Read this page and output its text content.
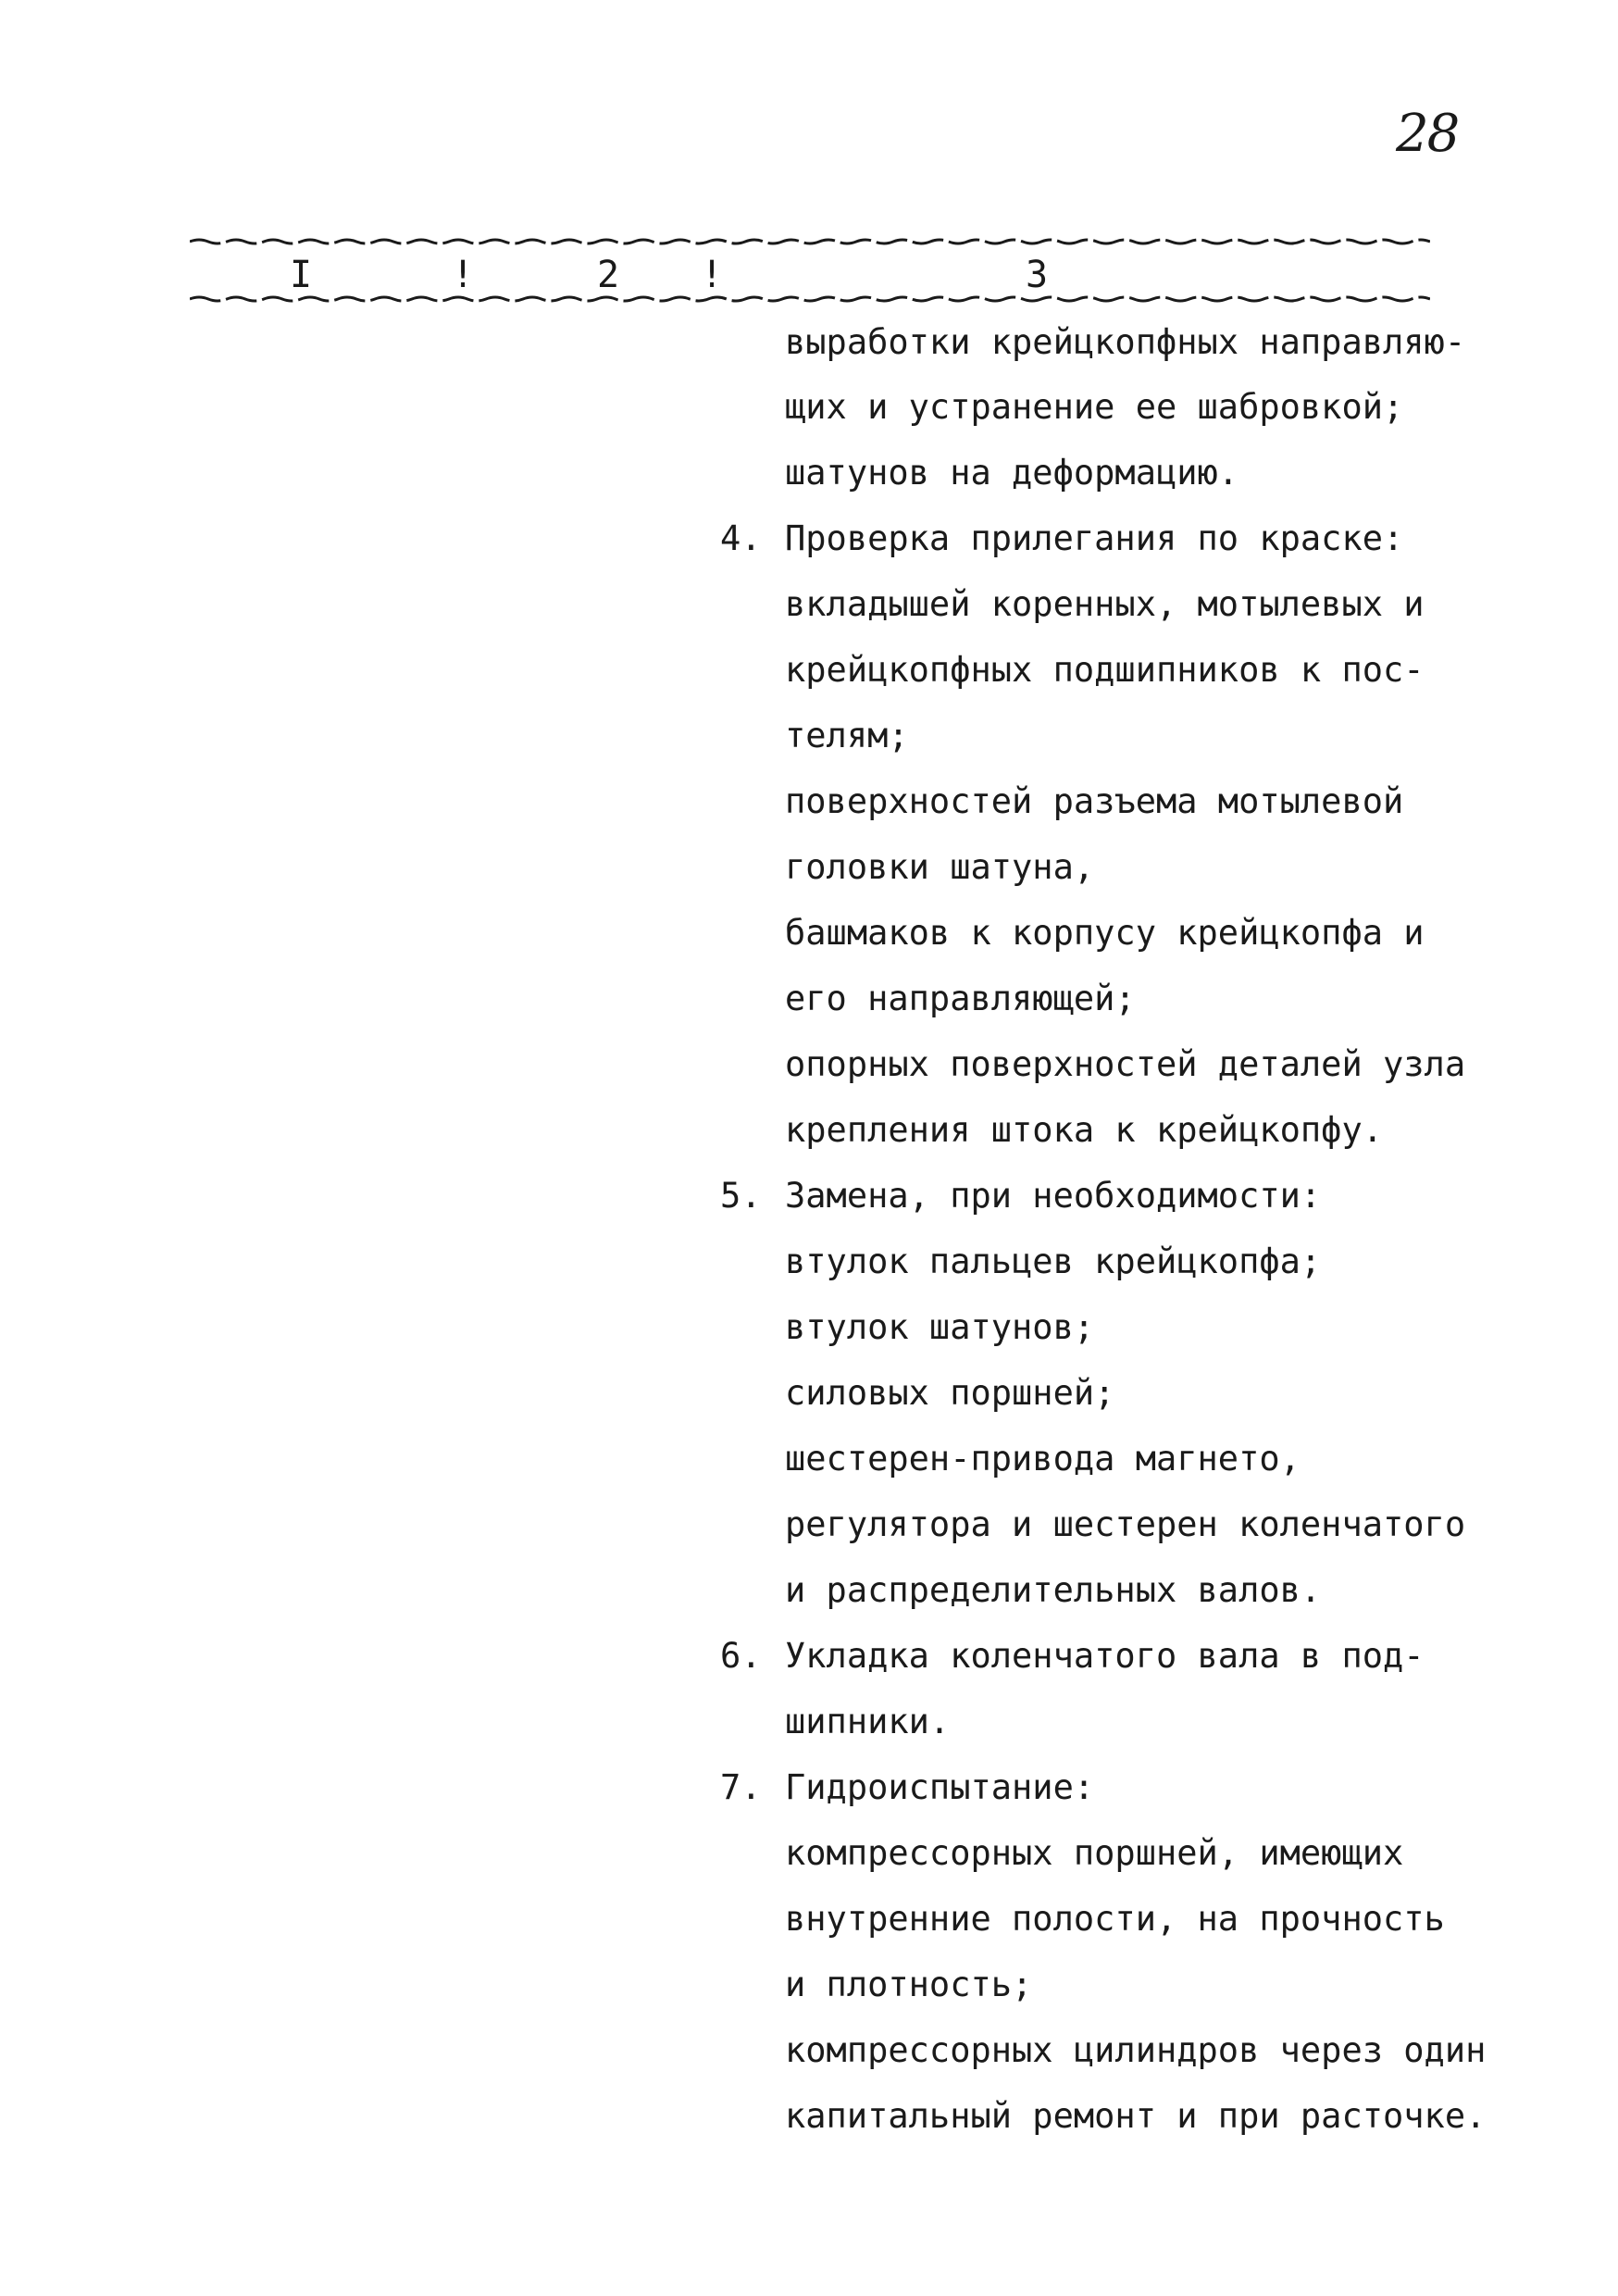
28
I	!	2 !	3
выработки крейцкопфных направляю-
щих и устранение ее шабровкой;
шатунов на деформацию.
4. Проверка прилегания по краске:
вкладышей коренных, мотылевых и
крейцкопфных подшипников к пос-
телям;
поверхностей разъема мотылевой
головки шатуна,
башмаков к корпусу крейцкопфа и
его направляющей;
опорных поверхностей деталей узла
крепления штока к крейцкопфу.
5. Замена, при необходимости:
втулок пальцев крейцкопфа;
втулок шатунов;
силовых поршней;
шестерен-привода магнето,
регулятора и шестерен коленчатого
и распределительных валов.
6. Укладка коленчатого вала в под-
шипники.
7. Гидроиспытание:
компрессорных поршней, имеющих
внутренние полости, на прочность
и плотность;
компрессорных цилиндров через один
капитальный ремонт и при расточке.
